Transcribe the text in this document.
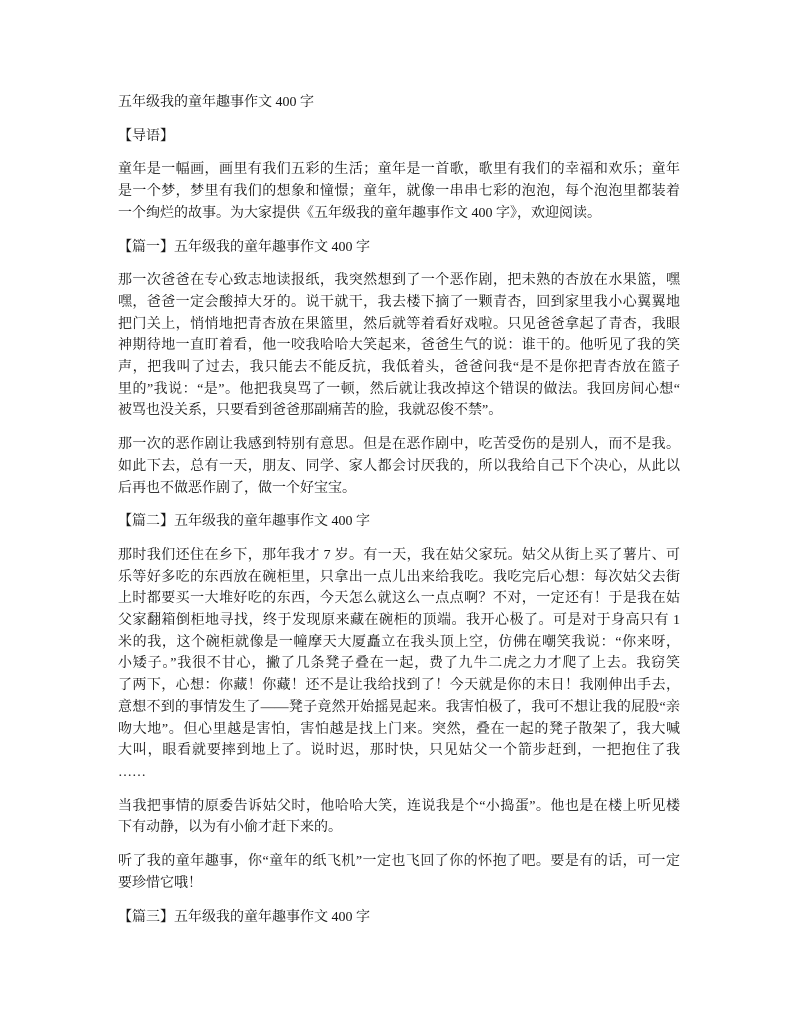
五年级我的童年趣事作文 400 字
【导语】
童年是一幅画，画里有我们五彩的生活；童年是一首歌，歌里有我们的幸福和欢乐；童年
是一个梦，梦里有我们的想象和憧憬；童年，就像一串串七彩的泡泡，每个泡泡里都装着
一个绚烂的故事。为大家提供《五年级我的童年趣事作文 400 字》，欢迎阅读。
【篇一】五年级我的童年趣事作文 400 字
那一次爸爸在专心致志地读报纸，我突然想到了一个恶作剧，把未熟的杏放在水果篮，嘿
嘿，爸爸一定会酸掉大牙的。说干就干，我去楼下摘了一颗青杏，回到家里我小心翼翼地
把门关上，悄悄地把青杏放在果篮里，然后就等着看好戏啦。只见爸爸拿起了青杏，我眼
神期待地一直盯着看，他一咬我哈哈大笑起来，爸爸生气的说：谁干的。他听见了我的笑
声，把我叫了过去，我只能去不能反抗，我低着头，爸爸问我“是不是你把青杏放在篮子
里的”我说：“是”。他把我臭骂了一顿，然后就让我改掉这个错误的做法。我回房间心想“
被骂也没关系，只要看到爸爸那副痛苦的脸，我就忍俊不禁”。
那一次的恶作剧让我感到特别有意思。但是在恶作剧中，吃苦受伤的是别人，而不是我。
如此下去，总有一天，朋友、同学、家人都会讨厌我的，所以我给自己下个决心，从此以
后再也不做恶作剧了，做一个好宝宝。
【篇二】五年级我的童年趣事作文 400 字
那时我们还住在乡下，那年我才 7 岁。有一天，我在姑父家玩。姑父从街上买了薯片、可
乐等好多吃的东西放在碗柜里，只拿出一点儿出来给我吃。我吃完后心想：每次姑父去街
上时都要买一大堆好吃的东西，今天怎么就这么一点点啊？不对，一定还有！于是我在姑
父家翻箱倒柜地寻找，终于发现原来藏在碗柜的顶端。我开心极了。可是对于身高只有 1
米的我，这个碗柜就像是一幢摩天大厦矗立在我头顶上空，仿佛在嘲笑我说：“你来呀，
小矮子。”我很不甘心，撇了几条凳子叠在一起，费了九牛二虎之力才爬了上去。我窃笑
了两下，心想：你藏！你藏！还不是让我给找到了！今天就是你的末日！我刚伸出手去，
意想不到的事情发生了——凳子竟然开始摇晃起来。我害怕极了，我可不想让我的屁股“亲
吻大地”。但心里越是害怕，害怕越是找上门来。突然，叠在一起的凳子散架了，我大喊
大叫，眼看就要摔到地上了。说时迟，那时快，只见姑父一个箭步赶到，一把抱住了我
……
当我把事情的原委告诉姑父时，他哈哈大笑，连说我是个“小捣蛋”。他也是在楼上听见楼
下有动静，以为有小偷才赶下来的。
听了我的童年趣事，你“童年的纸飞机”一定也飞回了你的怀抱了吧。要是有的话，可一定
要珍惜它哦！
【篇三】五年级我的童年趣事作文 400 字
